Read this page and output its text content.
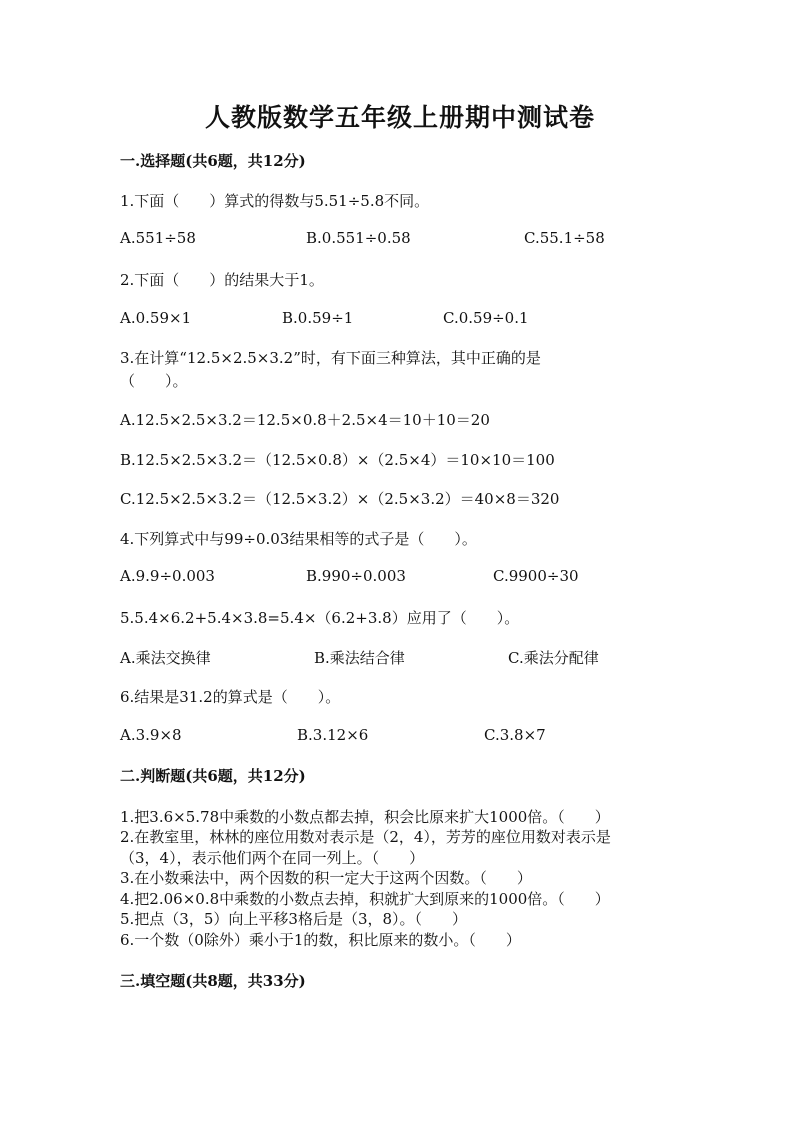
人教版数学五年级上册期中测试卷
一.选择题(共6题，共12分)
1.下面（　　）算式的得数与5.51÷5.8不同。
A.551÷58	B.0.551÷0.58	C.55.1÷58
2.下面（　　）的结果大于1。
A.0.59×1	B.0.59÷1	C.0.59÷0.1
3.在计算“12.5×2.5×3.2”时，有下面三种算法，其中正确的是
（　　）。
A.12.5×2.5×3.2＝12.5×0.8＋2.5×4＝10＋10＝20
B.12.5×2.5×3.2＝（12.5×0.8）×（2.5×4）＝10×10＝100
C.12.5×2.5×3.2＝（12.5×3.2）×（2.5×3.2）＝40×8＝320
4.下列算式中与99÷0.03结果相等的式子是（　　）。
A.9.9÷0.003	B.990÷0.003	C.9900÷30
5.5.4×6.2+5.4×3.8=5.4×（6.2+3.8）应用了（　　）。
A.乘法交换律	B.乘法结合律	C.乘法分配律
6.结果是31.2的算式是（　　）。
A.3.9×8	B.3.12×6	C.3.8×7
二.判断题(共6题，共12分)
1.把3.6×5.78中乘数的小数点都去掉，积会比原来扩大1000倍。（　　）
2.在教室里，林林的座位用数对表示是（2，4），芳芳的座位用数对表示是
（3，4），表示他们两个在同一列上。（　　）
3.在小数乘法中，两个因数的积一定大于这两个因数。（　　）
4.把2.06×0.8中乘数的小数点去掉，积就扩大到原来的1000倍。（　　）
5.把点（3，5）向上平移3格后是（3，8）。（　　）
6.一个数（0除外）乘小于1的数，积比原来的数小。（　　）
三.填空题(共8题，共33分)
